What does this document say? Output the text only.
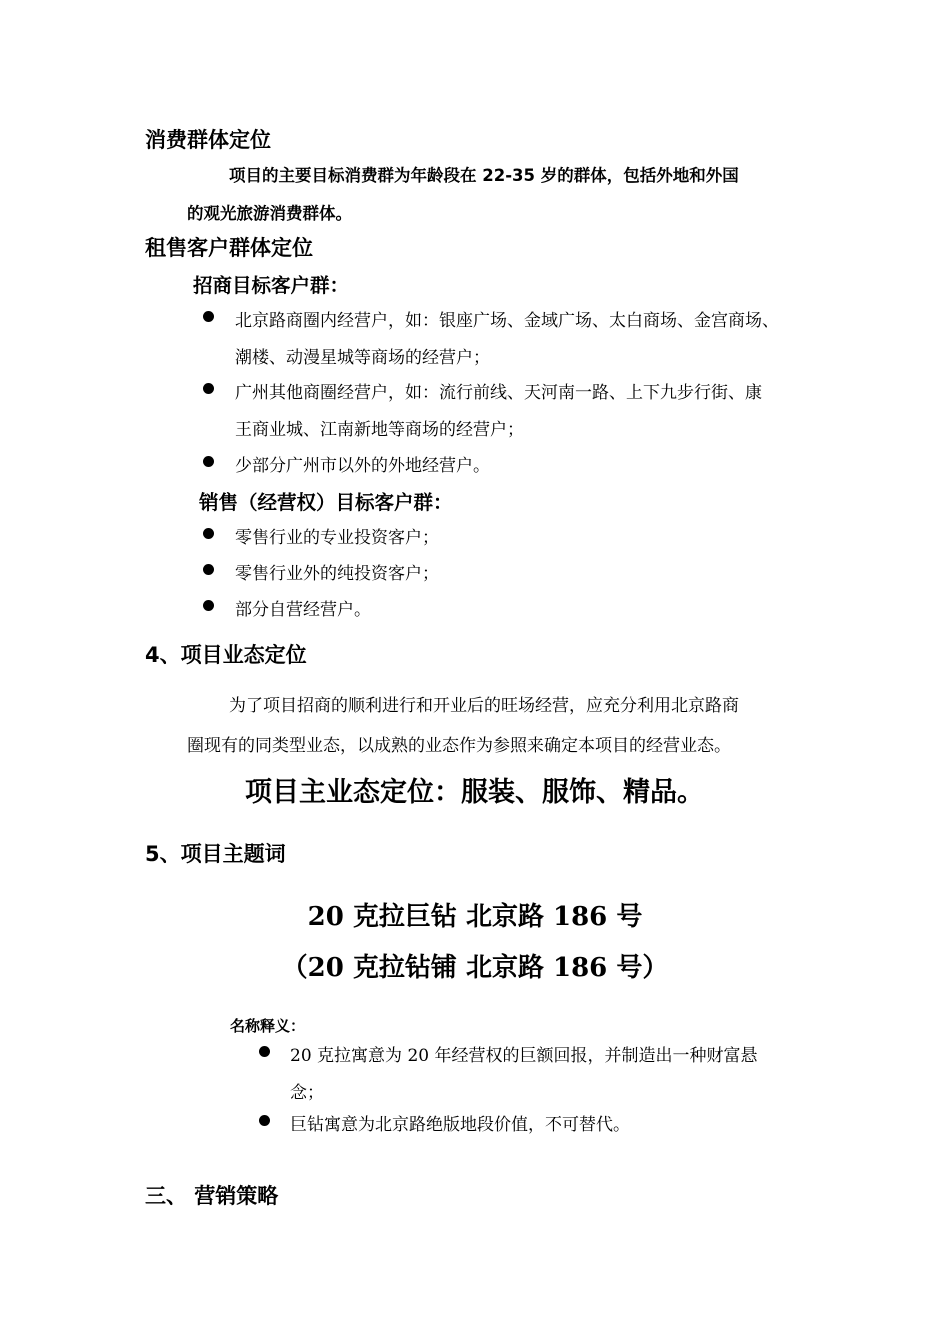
消费群体定位
项目的主要目标消费群为年龄段在 22-35 岁的群体，包括外地和外国
的观光旅游消费群体。
租售客户群体定位
招商目标客户群：
北京路商圈内经营户，如：银座广场、金域广场、太白商场、金宫商场、
潮楼、动漫星城等商场的经营户；
广州其他商圈经营户，如：流行前线、天河南一路、上下九步行街、康
王商业城、江南新地等商场的经营户；
少部分广州市以外的外地经营户。
销售（经营权）目标客户群：
零售行业的专业投资客户；
零售行业外的纯投资客户；
部分自营经营户。
4、项目业态定位
为了项目招商的顺利进行和开业后的旺场经营，应充分利用北京路商
圈现有的同类型业态，以成熟的业态作为参照来确定本项目的经营业态。
项目主业态定位：服装、服饰、精品。
5、项目主题词
20 克拉巨钻 北京路 186 号
（20 克拉钻铺 北京路 186 号）
名称释义：
20 克拉寓意为 20 年经营权的巨额回报，并制造出一种财富悬
念；
巨钻寓意为北京路绝版地段价值，不可替代。
三、 营销策略
